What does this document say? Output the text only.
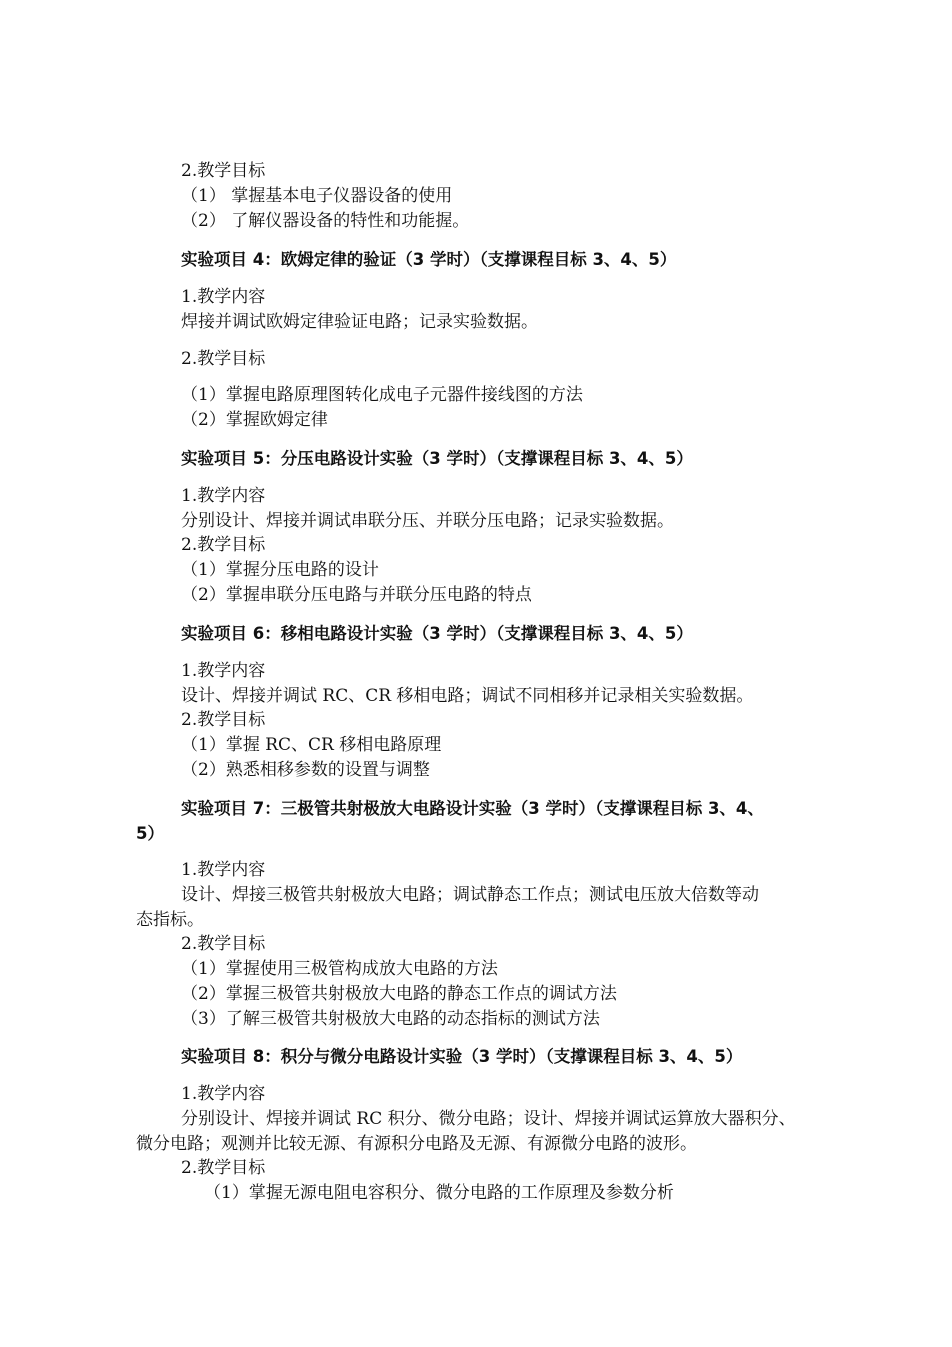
2.教学目标
（1） 掌握基本电子仪器设备的使用
（2） 了解仪器设备的特性和功能握。
实验项目 4：欧姆定律的验证（3 学时）（支撑课程目标 3、4、5）
1.教学内容
焊接并调试欧姆定律验证电路；记录实验数据。
2.教学目标
（1）掌握电路原理图转化成电子元器件接线图的方法
（2）掌握欧姆定律
实验项目 5：分压电路设计实验（3 学时）（支撑课程目标 3、4、5）
1.教学内容
分别设计、焊接并调试串联分压、并联分压电路；记录实验数据。
2.教学目标
（1）掌握分压电路的设计
（2）掌握串联分压电路与并联分压电路的特点
实验项目 6：移相电路设计实验（3 学时）（支撑课程目标 3、4、5）
1.教学内容
设计、焊接并调试 RC、CR 移相电路；调试不同相移并记录相关实验数据。
2.教学目标
（1）掌握 RC、CR 移相电路原理
（2）熟悉相移参数的设置与调整
实验项目 7：三极管共射极放大电路设计实验（3 学时）（支撑课程目标 3、4、
5）
1.教学内容
设计、焊接三极管共射极放大电路；调试静态工作点；测试电压放大倍数等动
态指标。
2.教学目标
（1）掌握使用三极管构成放大电路的方法
（2）掌握三极管共射极放大电路的静态工作点的调试方法
（3）了解三极管共射极放大电路的动态指标的测试方法
实验项目 8：积分与微分电路设计实验（3 学时）（支撑课程目标 3、4、5）
1.教学内容
分别设计、焊接并调试 RC 积分、微分电路；设计、焊接并调试运算放大器积分、
微分电路；观测并比较无源、有源积分电路及无源、有源微分电路的波形。
2.教学目标
（1）掌握无源电阻电容积分、微分电路的工作原理及参数分析
